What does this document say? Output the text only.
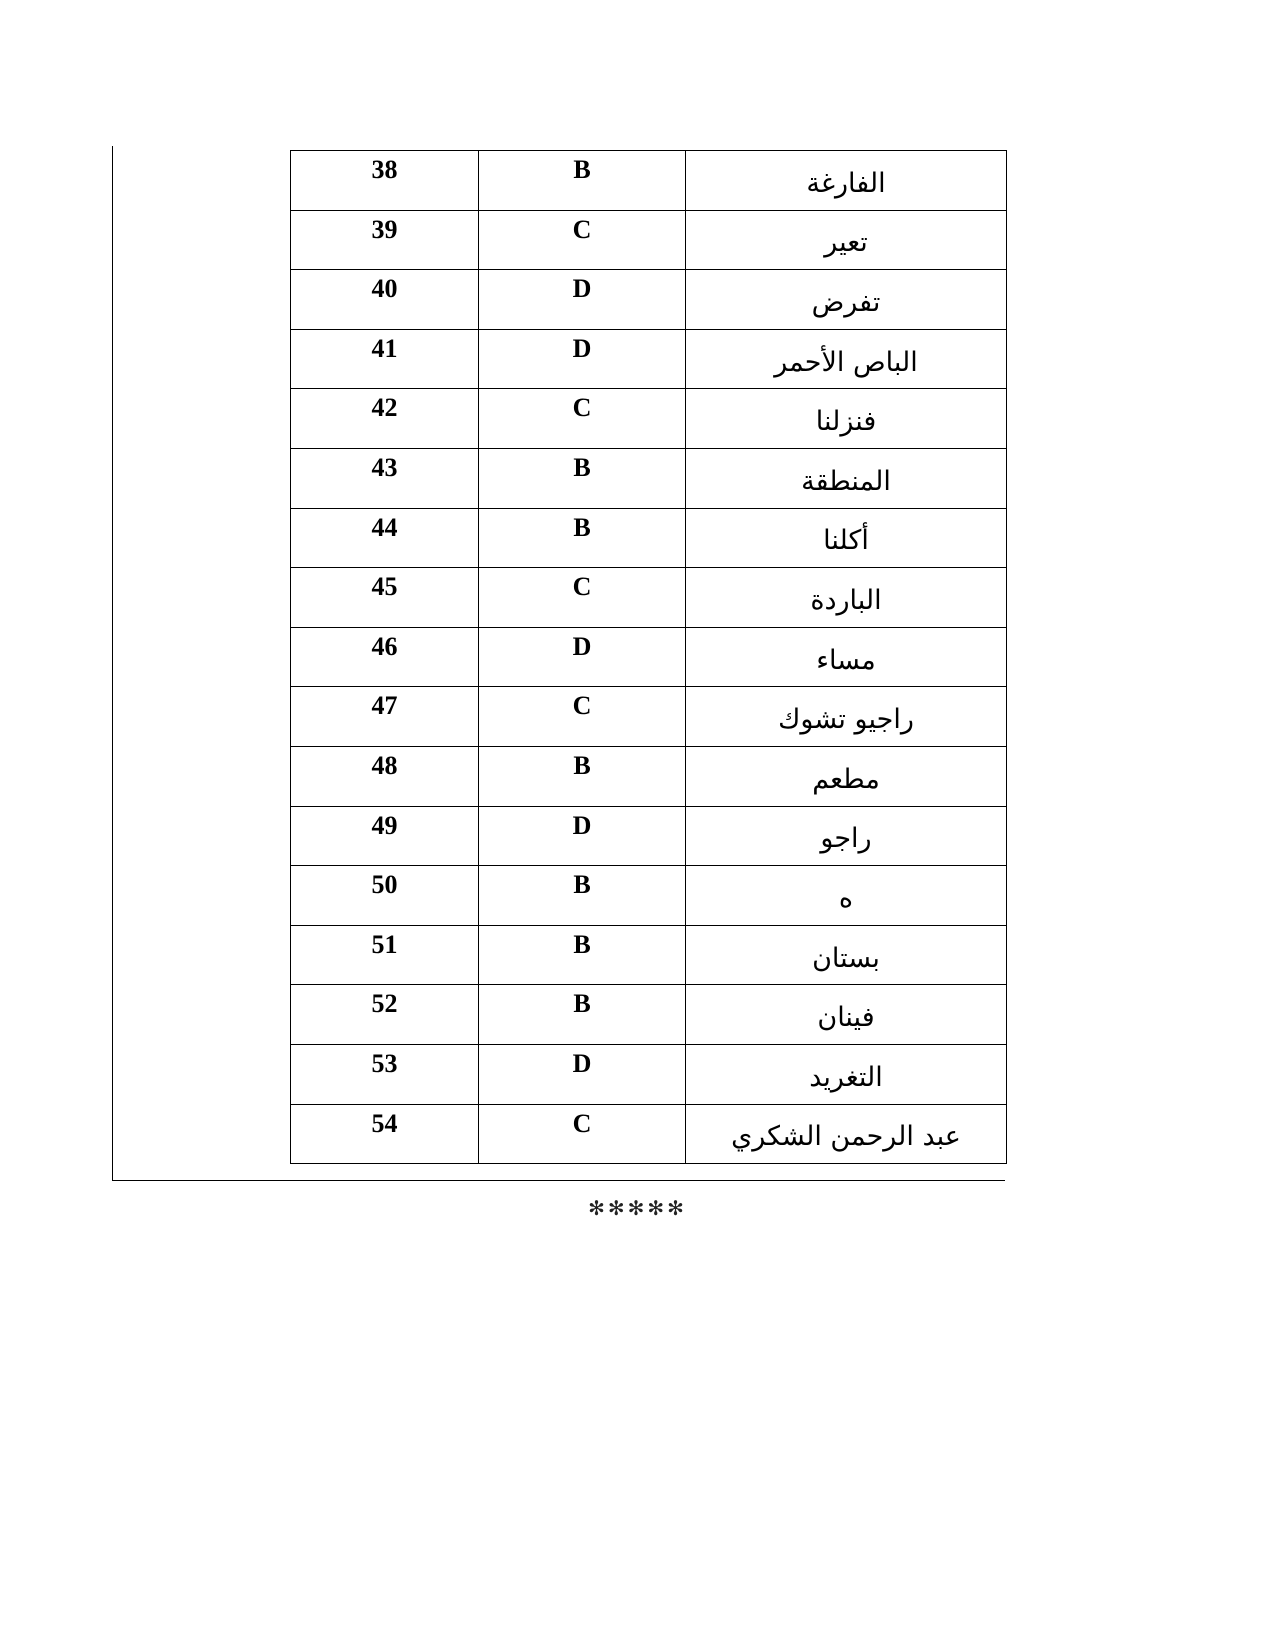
38	B	الفارغة
39	C	تعير
40	D	تفرض
41	D	الباص الأحمر
42	C	فنزلنا
43	B	المنطقة
44	B	أكلنا
45	C	الباردة
46	D	مساء
47	C	راجيو تشوك
48	B	مطعم
49	D	راجو
50	B	ه
51	B	بستان
52	B	فينان
53	D	التغريد
54	C	عبد الرحمن الشكري
✻✻✻✻✻
